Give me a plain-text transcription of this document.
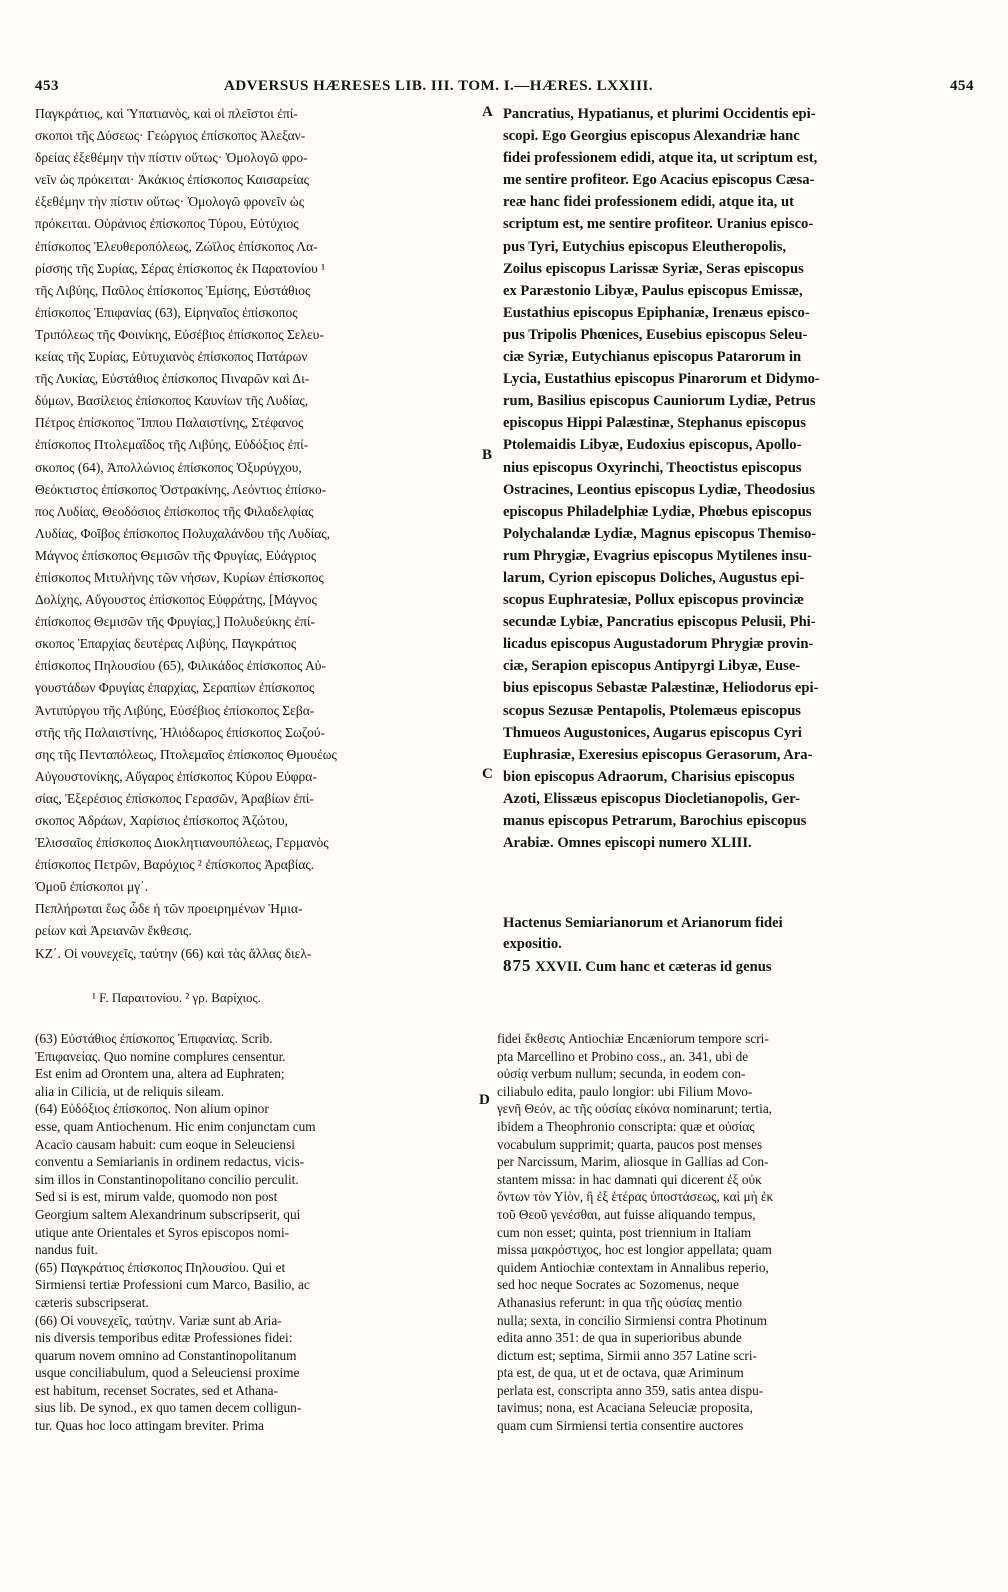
453	ADVERSUS HÆRESES LIB. III. TOM. I.—HÆRES. LXXIII.	454

Παγκράτιος, καὶ Ὑπατιανὸς, καὶ οἱ πλεῖστοι ἐπί-

σκοποι τῆς Δύσεως· Γεώργιος ἐπίσκοπος Ἀλεξαν-

δρείας ἐξεθέμην τὴν πίστιν οὕτως· Ὁμολογῶ φρο-

νεῖν ὡς πρόκειται· Ἀκάκιος ἐπίσκοπος Καισαρείας

ἐξεθέμην τὴν πίστιν οὕτως· Ὁμολογῶ φρονεῖν ὡς

πρόκειται. Οὐράνιος ἐπίσκοπος Τύρου, Εὐτύχιος

ἐπίσκοπος Ἐλευθεροπόλεως, Ζώϊλος ἐπίσκοπος Λα-

ρίσσης τῆς Συρίας, Σέρας ἐπίσκοπος ἐκ Παρατονίου ¹

τῆς Λιβύης, Παῦλος ἐπίσκοπος Ἐμίσης, Εὐστάθιος

ἐπίσκοπος Ἐπιφανίας (63), Εἰρηναῖος ἐπίσκοπος

Τριπόλεως τῆς Φοινίκης, Εὐσέβιος ἐπίσκοπος Σελευ-

κείας τῆς Συρίας, Εὐτυχιανὸς ἐπίσκοπος Πατάρων

τῆς Λυκίας, Εὐστάθιος ἐπίσκοπος Πιναρῶν καὶ Δι-

δύμων, Βασίλειος ἐπίσκοπος Καυνίων τῆς Λυδίας,

Πέτρος ἐπίσκοπος Ἵππου Παλαιστίνης, Στέφανος

ἐπίσκοπος Πτολεμαΐδος τῆς Λιβύης, Εὐδόξιος ἐπί-

σκοπος (64), Ἀπολλώνιος ἐπίσκοπος Ὀξυρύγχου,

Θεόκτιστος ἐπίσκοπος Ὀστρακίνης, Λεόντιος ἐπίσκο-

πος Λυδίας, Θεοδόσιος ἐπίσκοπος τῆς Φιλαδελφίας

Λυδίας, Φοῖβος ἐπίσκοπος Πολυχαλάνδου τῆς Λυδίας,

Μάγνος ἐπίσκοπος Θεμισῶν τῆς Φρυγίας, Εὐάγριος

ἐπίσκοπος Μιτυλήνης τῶν νήσων, Κυρίων ἐπίσκοπος

Δολίχης, Αὔγουστος ἐπίσκοπος Εὐφράτης, [Μάγνος

ἐπίσκοπος Θεμισῶν τῆς Φρυγίας,] Πολυδεύκης ἐπί-

σκοπος Ἐπαρχίας δευτέρας Λιβύης, Παγκράτιος

ἐπίσκοπος Πηλουσίου (65), Φιλικάδος ἐπίσκοπος Αὐ-

γουστάδων Φρυγίας ἐπαρχίας, Σεραπίων ἐπίσκοπος

Ἀντιπύργου τῆς Λιβύης, Εὐσέβιος ἐπίσκοπος Σεβα-

στῆς τῆς Παλαιστίνης, Ἡλιόδωρος ἐπίσκοπος Σωζού-

σης τῆς Πενταπόλεως, Πτολεμαῖος ἐπίσκοπος Θμουέως

Αὐγουστονίκης, Αὔγαρος ἐπίσκοπος Κύρου Εὐφρα-

σίας, Ἐξερέσιος ἐπίσκοπος Γερασῶν, Ἀραβίων ἐπί-

σκοπος Ἀδράων, Χαρίσιος ἐπίσκοπος Ἀζώτου,

Ἐλισσαῖος ἐπίσκοπος Διοκλητιανουπόλεως, Γερμανὸς

ἐπίσκοπος Πετρῶν, Βαρόχιος ² ἐπίσκοπος Ἀραβίας.

Ὁμοῦ ἐπίσκοποι μγ΄.

Πεπλήρωται ἕως ὧδε ἡ τῶν προειρημένων Ἡμια-

ρείων καὶ Ἀρειανῶν ἔκθεσις.

ΚΖ΄. Οἱ νουνεχεῖς, ταύτην (66) καὶ τὰς ἄλλας διελ-

Pancratius, Hypatianus, et plurimi Occidentis epi-

scopi. Ego Georgius episcopus Alexandriæ hanc

fidei professionem edidi, atque ita, ut scriptum est,

me sentire profiteor. Ego Acacius episcopus Cæsa-

reæ hanc fidei professionem edidi, atque ita, ut

scriptum est, me sentire profiteor. Uranius episco-

pus Tyri, Eutychius episcopus Eleutheropolis,

Zoilus episcopus Larissæ Syriæ, Seras episcopus

ex Paræstonio Libyæ, Paulus episcopus Emissæ,

Eustathius episcopus Epiphaniæ, Irenæus episco-

pus Tripolis Phœnices, Eusebius episcopus Seleu-

ciæ Syriæ, Eutychianus episcopus Patarorum in

Lycia, Eustathius episcopus Pinarorum et Didymo-

rum, Basilius episcopus Cauniorum Lydiæ, Petrus

episcopus Hippi Palæstinæ, Stephanus episcopus

Ptolemaidis Libyæ, Eudoxius episcopus, Apollo-

nius episcopus Oxyrinchi, Theoctistus episcopus

Ostracines, Leontius episcopus Lydiæ, Theodosius

episcopus Philadelphiæ Lydiæ, Phœbus episcopus

Polychalandæ Lydiæ, Magnus episcopus Themiso-

rum Phrygiæ, Evagrius episcopus Mytilenes insu-

larum, Cyrion episcopus Doliches, Augustus epi-

scopus Euphratesiæ, Pollux episcopus provinciæ

secundæ Lybiæ, Pancratius episcopus Pelusii, Phi-

licadus episcopus Augustadorum Phrygiæ provin-

ciæ, Serapion episcopus Antipyrgi Libyæ, Euse-

bius episcopus Sebastæ Palæstinæ, Heliodorus epi-

scopus Sezusæ Pentapolis, Ptolemæus episcopus

Thmueos Augustonices, Augarus episcopus Cyri

Euphrasiæ, Exeresius episcopus Gerasorum, Ara-

bion episcopus Adraorum, Charisius episcopus

Azoti, Elissæus episcopus Diocletianopolis, Ger-

manus episcopus Petrarum, Barochius episcopus

Arabiæ. Omnes episcopi numero XLIII.

A
B
C
D

Hactenus Semiarianorum et Arianorum fidei

expositio.

875 XXVII. Cum hanc et cæteras id genus

¹ F. Παραιτονίου. ² γρ. Βαρίχιος.

(63) Εὐστάθιος ἐπίσκοπος Ἐπιφανίας. Scrib.

Ἐπιφανείας. Quo nomine complures censentur.

Est enim ad Orontem una, altera ad Euphraten;

alia in Cilicia, ut de reliquis sileam.

(64) Εὐδόξιος ἐπίσκοπος. Non alium opinor

esse, quam Antiochenum. Hic enim conjunctam cum

Acacio causam habuit: cum eoque in Seleuciensi

conventu a Semiarianis in ordinem redactus, vicis-

sim illos in Constantinopolitano concilio perculit.

Sed si is est, mirum valde, quomodo non post

Georgium saltem Alexandrinum subscripserit, qui

utique ante Orientales et Syros episcopos nomi-

nandus fuit.

(65) Παγκράτιος ἐπίσκοπος Πηλουσίου. Qui et

Sirmiensi tertiæ Professioni cum Marco, Basilio, ac

cæteris subscripserat.

(66) Οἱ νουνεχεῖς, ταύτην. Variæ sunt ab Aria-

nis diversis temporibus editæ Professiones fidei:

quarum novem omnino ad Constantinopolitanum

usque conciliabulum, quod a Seleuciensi proxime

est habitum, recenset Socrates, sed et Athana-

sius lib. De synod., ex quo tamen decem colligun-

tur. Quas hoc loco attingam breviter. Prima

fidei ἔκθεσις Antiochiæ Encæniorum tempore scri-

pta Marcellino et Probino coss., an. 341, ubi de

οὐσίᾳ verbum nullum; secunda, in eodem con-

ciliabulo edita, paulo longior: ubi Filium Μονο-

γενῆ Θεόν, ac τῆς οὐσίας εἰκόνα nominarunt; tertia,

ibidem a Theophronio conscripta: quæ et οὐσίας

vocabulum supprimit; quarta, paucos post menses

per Narcissum, Marim, aliosque in Gallias ad Con-

stantem missa: in hac damnati qui dicerent ἐξ οὐκ

ὄντων τὸν Υἱὸν, ἢ ἐξ ἑτέρας ὑποστάσεως, καὶ μὴ ἐκ

τοῦ Θεοῦ γενέσθαι, aut fuisse aliquando tempus,

cum non esset; quinta, post triennium in Italiam

missa μακρόστιχος, hoc est longior appellata; quam

quidem Antiochiæ contextam in Annalibus reperio,

sed hoc neque Socrates ac Sozomenus, neque

Athanasius referunt: in qua τῆς οὐσίας mentio

nulla; sexta, in concilio Sirmiensi contra Photinum

edita anno 351: de qua in superioribus abunde

dictum est; septima, Sirmii anno 357 Latine scri-

pta est, de qua, ut et de octava, quæ Ariminum

perlata est, conscripta anno 359, satis antea dispu-

tavimus; nona, est Acaciana Seleuciæ proposita,

quam cum Sirmiensi tertia consentire auctores
